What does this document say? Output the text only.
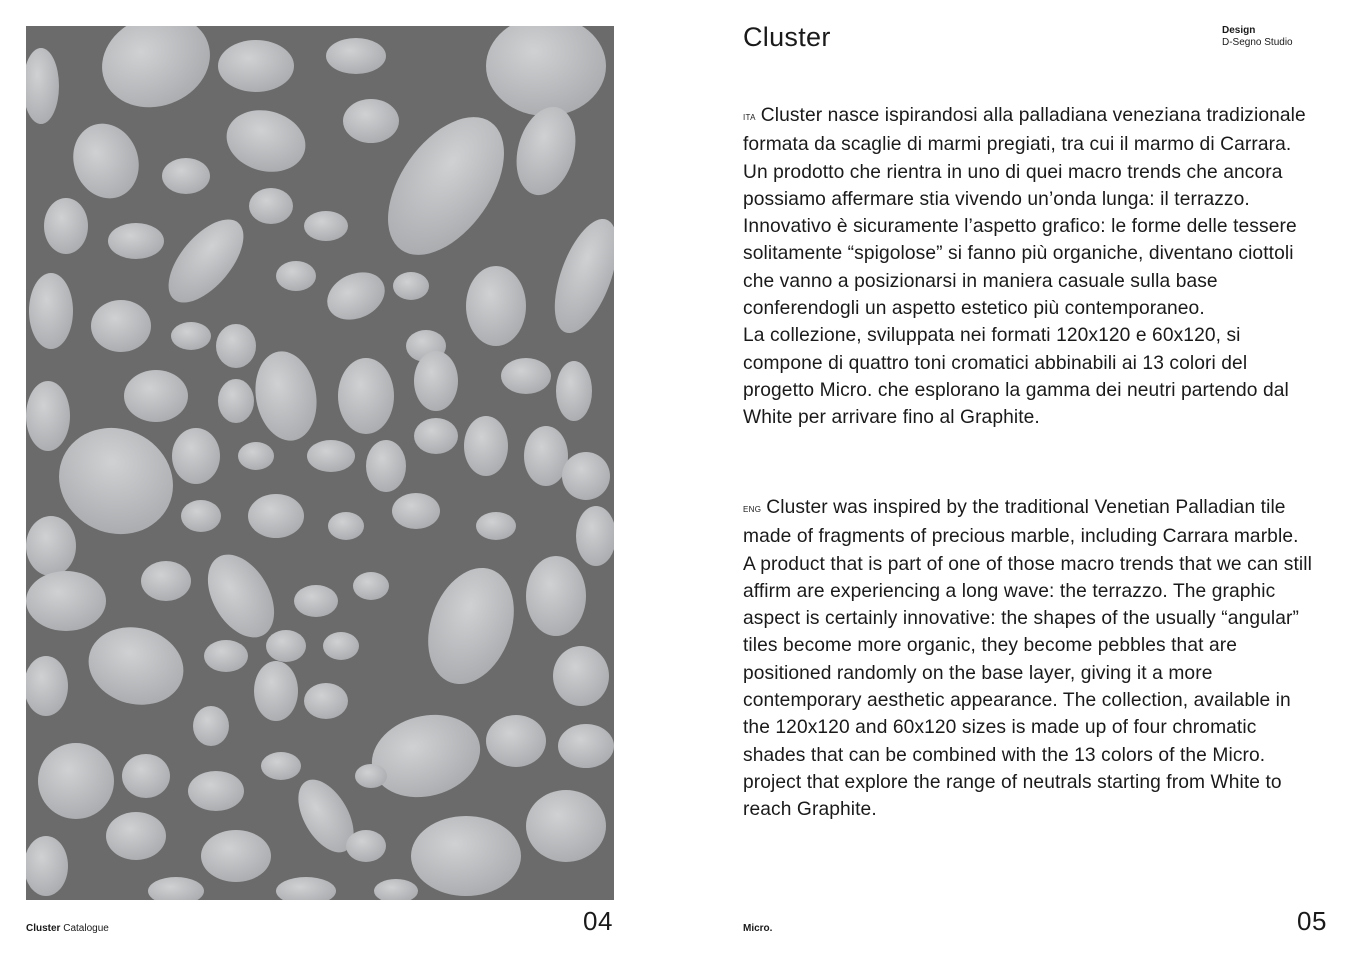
Cluster Catalogue	04
Cluster	Design
D-Segno Studio

ITA Cluster nasce ispirandosi alla palladiana veneziana tradizionale formata da scaglie di marmi pregiati, tra cui il marmo di Carrara. Un prodotto che rientra in uno di quei macro trends che ancora possiamo affermare stia vivendo un’onda lunga: il terrazzo. Innovativo è sicuramente l’aspetto grafico: le forme delle tessere solitamente “spigolose” si fanno più organiche, diventano ciottoli che vanno a posizionarsi in maniera casuale sulla base conferendogli un aspetto estetico più contemporaneo.

La collezione, sviluppata nei formati 120x120 e 60x120, si compone di quattro toni cromatici abbinabili ai 13 colori del progetto Micro. che esplorano la gamma dei neutri partendo dal White per arrivare fino al Graphite.

ENG Cluster was inspired by the traditional Venetian Palladian tile made of fragments of precious marble, including Carrara marble. A product that is part of one of those macro trends that we can still affirm are experiencing a long wave: the terrazzo. The graphic aspect is certainly innovative: the shapes of the usually “angular” tiles become more organic, they become pebbles that are positioned randomly on the base layer, giving it a more contemporary aesthetic appearance. The collection, available in the 120x120 and 60x120 sizes is made up of four chromatic shades that can be combined with the 13 colors of the Micro. project that explore the range of neutrals starting from White to reach Graphite.

Micro.	05
